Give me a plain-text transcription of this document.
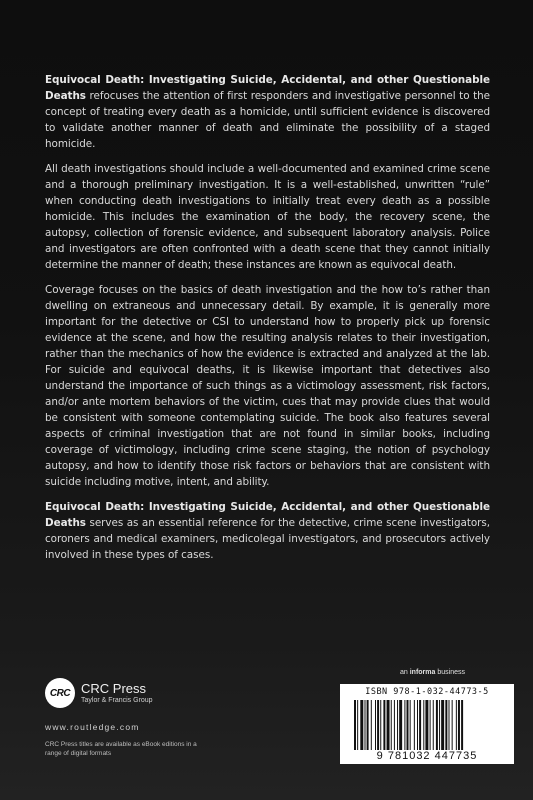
Equivocal Death: Investigating Suicide, Accidental, and other Questionable Deaths refocuses the attention of first responders and investigative personnel to the concept of treating every death as a homicide, until sufficient evidence is discovered to validate another manner of death and eliminate the possibility of a staged homicide.

All death investigations should include a well-documented and examined crime scene and a thorough preliminary investigation. It is a well-established, unwritten “rule” when conducting death investigations to initially treat every death as a possible homicide. This includes the examination of the body, the recovery scene, the autopsy, collection of forensic evidence, and subsequent laboratory analysis. Police and investigators are often confronted with a death scene that they cannot initially determine the manner of death; these instances are known as equivocal death.

Coverage focuses on the basics of death investigation and the how to’s rather than dwelling on extraneous and unnecessary detail. By example, it is generally more important for the detective or CSI to understand how to properly pick up forensic evidence at the scene, and how the resulting analysis relates to their investigation, rather than the mechanics of how the evidence is extracted and analyzed at the lab. For suicide and equivocal deaths, it is likewise important that detectives also understand the importance of such things as a victimology assessment, risk factors, and/or ante mortem behaviors of the victim, cues that may provide clues that would be consistent with someone contemplating suicide. The book also features several aspects of criminal investigation that are not found in similar books, including coverage of victimology, including crime scene staging, the notion of psychology autopsy, and how to identify those risk factors or behaviors that are consistent with suicide including motive, intent, and ability.

Equivocal Death: Investigating Suicide, Accidental, and other Questionable Deaths serves as an essential reference for the detective, crime scene investigators, coroners and medical examiners, medicolegal investigators, and prosecutors actively involved in these types of cases.

CRC CRC Press
Taylor & Francis Group
www.routledge.com
CRC Press titles are available as eBook editions in a range of digital formats
an informa business
ISBN 978-1-032-44773-5
9 781032 447735
